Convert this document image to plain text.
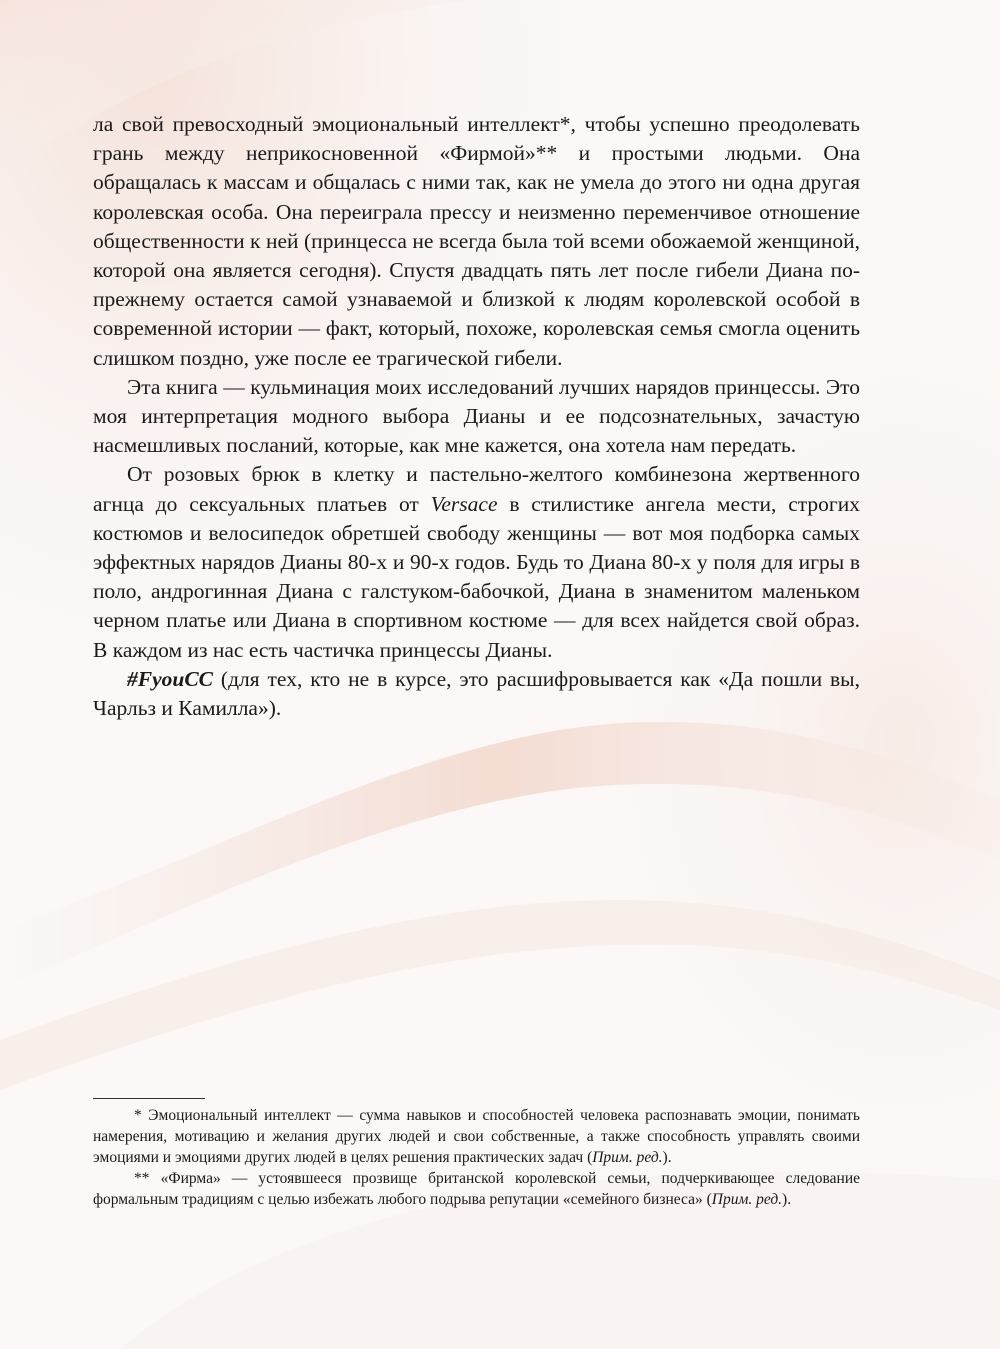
ла свой превосходный эмоциональный интеллект*, чтобы успешно преодолевать грань между неприкосновенной «Фирмой»** и простыми людьми. Она обращалась к массам и общалась с ними так, как не умела до этого ни одна другая королевская особа. Она переиграла прессу и неизменно переменчивое отношение общественности к ней (принцесса не всегда была той всеми обожаемой женщиной, которой она является сегодня). Спустя двадцать пять лет после гибели Диана по-прежнему остается самой узнаваемой и близкой к людям королевской особой в современной истории — факт, который, похоже, королевская семья смогла оценить слишком поздно, уже после ее трагической гибели.

Эта книга — кульминация моих исследований лучших нарядов принцессы. Это моя интерпретация модного выбора Дианы и ее подсознательных, зачастую насмешливых посланий, которые, как мне кажется, она хотела нам передать.

От розовых брюк в клетку и пастельно-желтого комбинезона жертвенного агнца до сексуальных платьев от Versace в стилистике ангела мести, строгих костюмов и велосипедок обретшей свободу женщины — вот моя подборка самых эффектных нарядов Дианы 80-х и 90-х годов. Будь то Диана 80-х у поля для игры в поло, андрогинная Диана с галстуком-бабочкой, Диана в знаменитом маленьком черном платье или Диана в спортивном костюме — для всех найдется свой образ. В каждом из нас есть частичка принцессы Дианы.

#FyouCC (для тех, кто не в курсе, это расшифровывается как «Да пошли вы, Чарльз и Камилла»).

* Эмоциональный интеллект — сумма навыков и способностей человека распознавать эмоции, понимать намерения, мотивацию и желания других людей и свои собственные, а также способность управлять своими эмоциями и эмоциями других людей в целях решения практических задач (Прим. ред.).

** «Фирма» — устоявшееся прозвище британской королевской семьи, подчеркивающее следование формальным традициям с целью избежать любого подрыва репутации «семейного бизнеса» (Прим. ред.).
